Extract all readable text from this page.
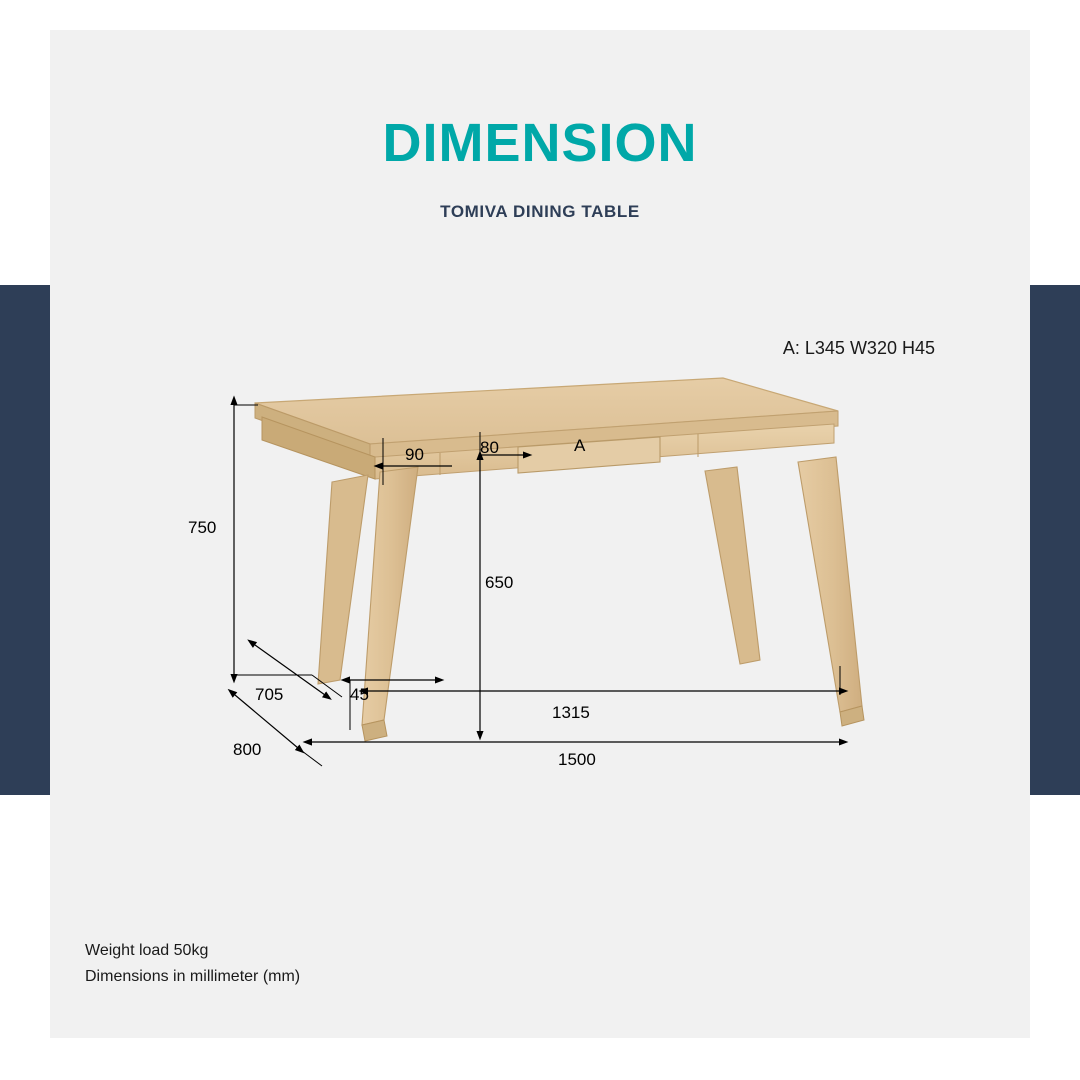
DIMENSION
TOMIVA DINING TABLE
A: L345 W320 H45
750
90	80
650
705	45
800
1315
1500
A
Weight load 50kg
Dimensions in millimeter (mm)
